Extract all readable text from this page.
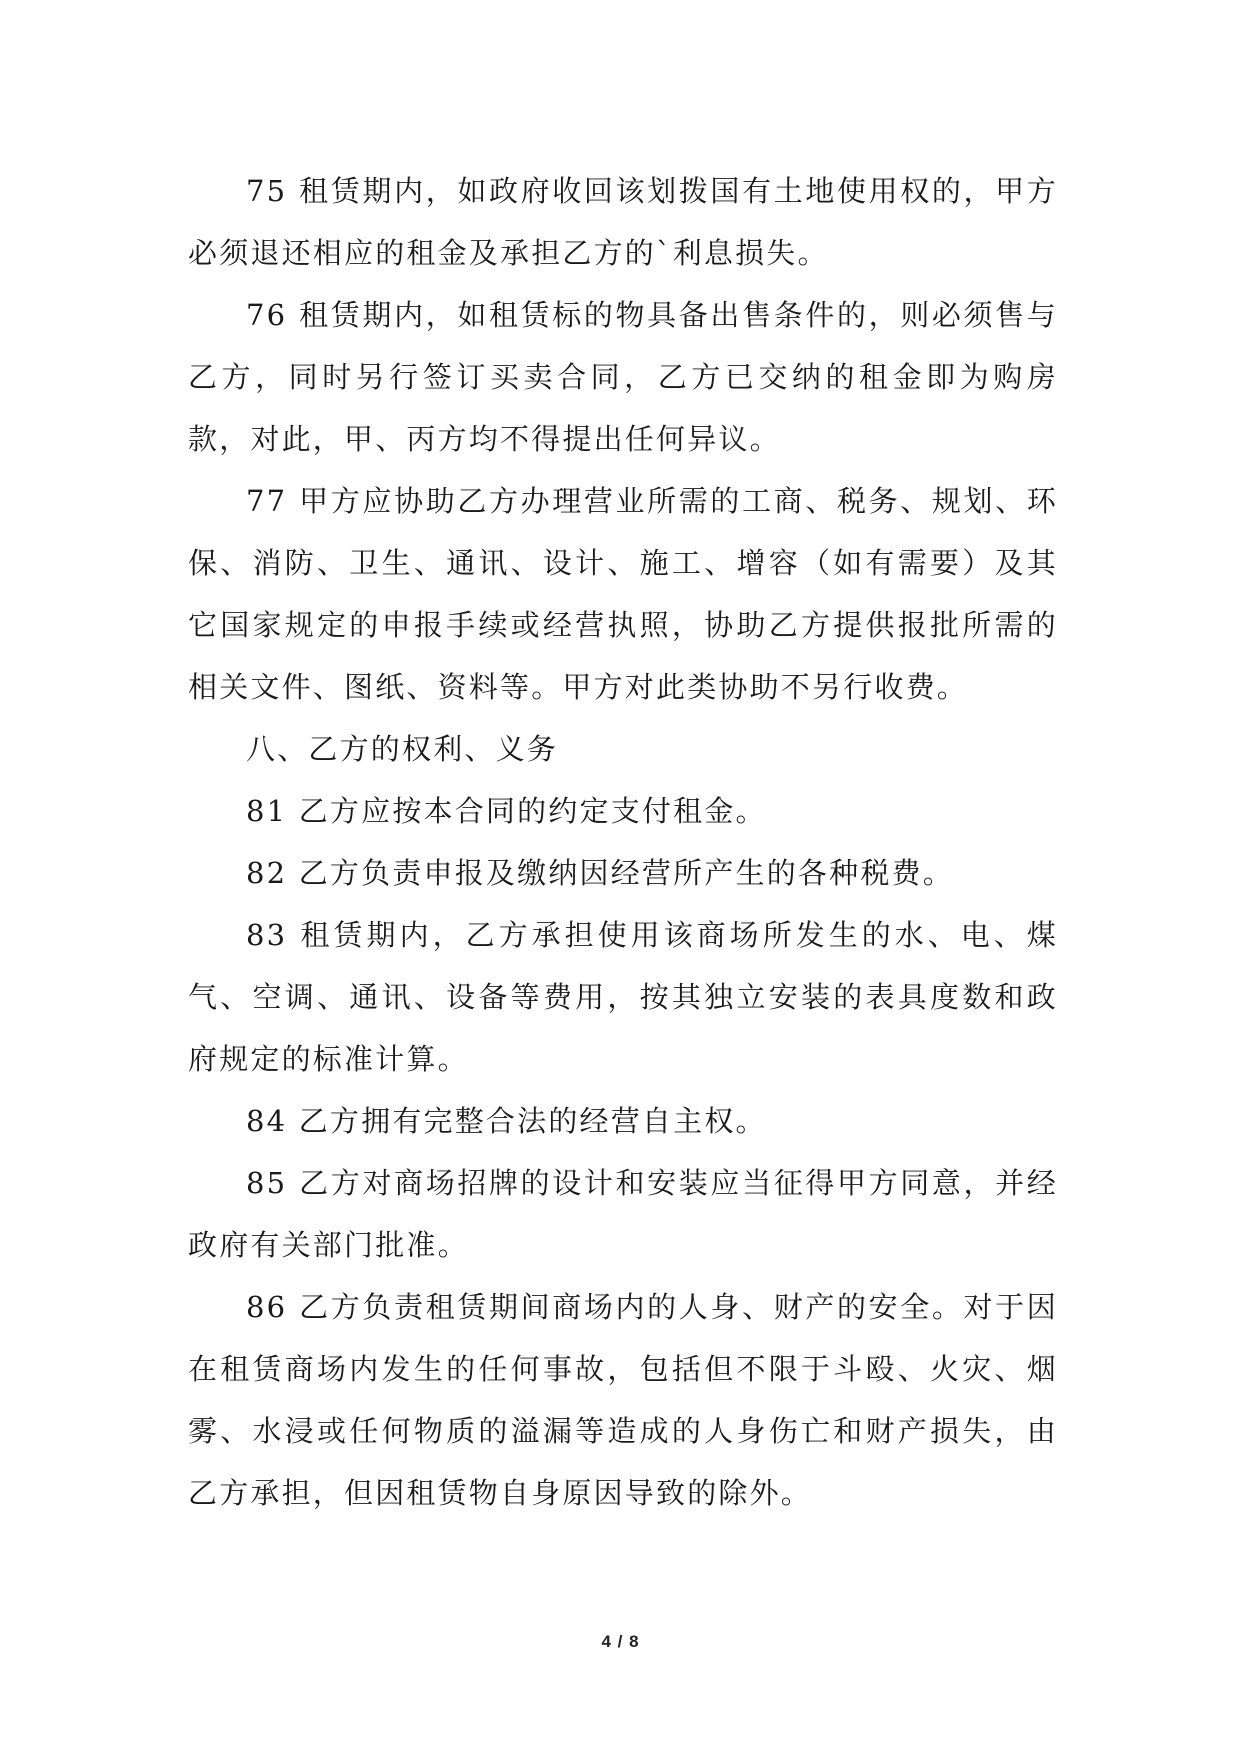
75 租赁期内，如政府收回该划拨国有土地使用权的，甲方必须退还相应的租金及承担乙方的`利息损失。

76 租赁期内，如租赁标的物具备出售条件的，则必须售与乙方，同时另行签订买卖合同，乙方已交纳的租金即为购房款，对此，甲、丙方均不得提出任何异议。

77 甲方应协助乙方办理营业所需的工商、税务、规划、环保、消防、卫生、通讯、设计、施工、增容（如有需要）及其它国家规定的申报手续或经营执照，协助乙方提供报批所需的相关文件、图纸、资料等。甲方对此类协助不另行收费。

八、乙方的权利、义务

81 乙方应按本合同的约定支付租金。

82 乙方负责申报及缴纳因经营所产生的各种税费。

83 租赁期内，乙方承担使用该商场所发生的水、电、煤气、空调、通讯、设备等费用，按其独立安装的表具度数和政府规定的标准计算。

84 乙方拥有完整合法的经营自主权。

85 乙方对商场招牌的设计和安装应当征得甲方同意，并经政府有关部门批准。

86 乙方负责租赁期间商场内的人身、财产的安全。对于因在租赁商场内发生的任何事故，包括但不限于斗殴、火灾、烟雾、水浸或任何物质的溢漏等造成的人身伤亡和财产损失，由乙方承担，但因租赁物自身原因导致的除外。

4 / 8
